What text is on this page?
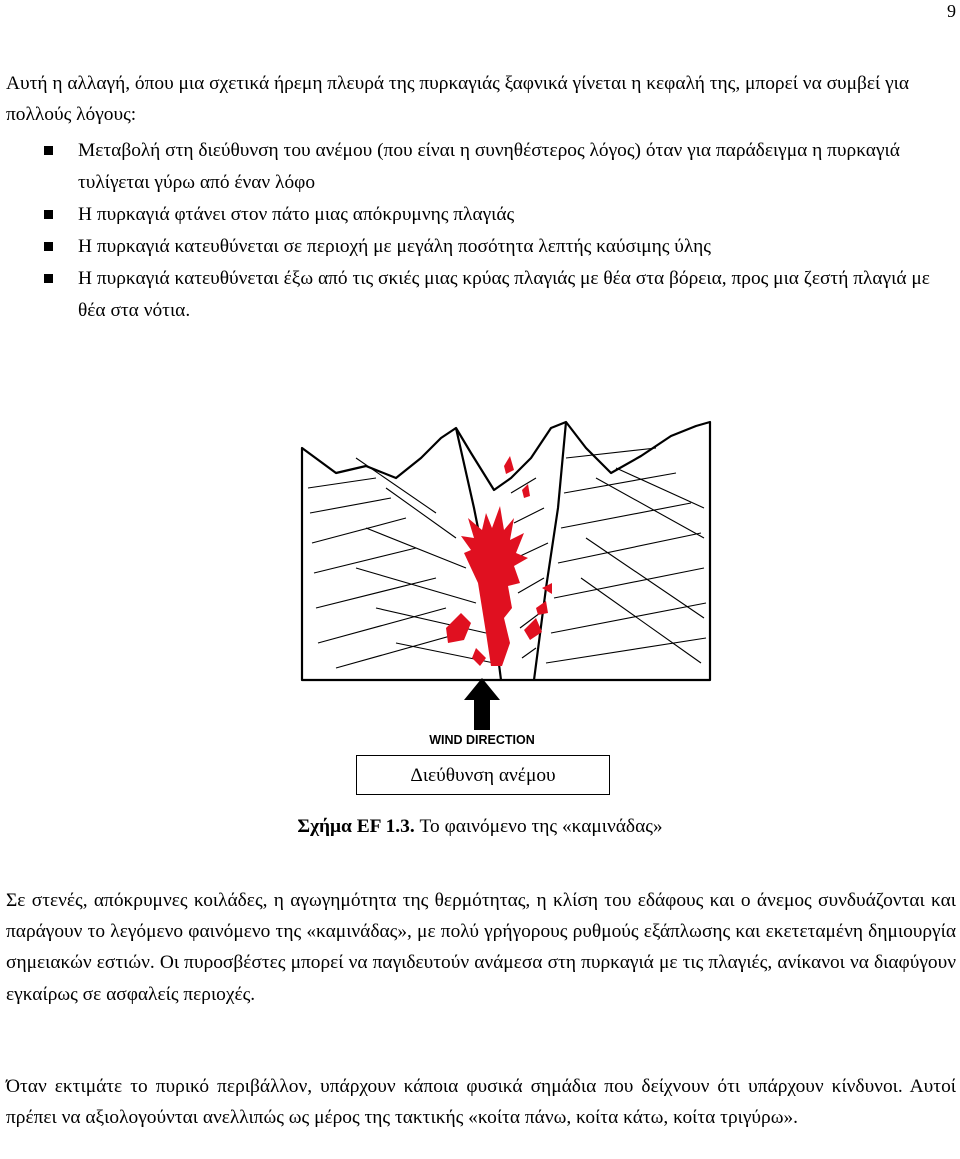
9

Αυτή η αλλαγή, όπου μια σχετικά ήρεμη πλευρά της πυρκαγιάς ξαφνικά γίνεται η κεφαλή της, μπορεί να συμβεί για πολλούς λόγους:

Μεταβολή στη διεύθυνση του ανέμου (που είναι η συνηθέστερος λόγος) όταν για παράδειγμα η πυρκαγιά τυλίγεται γύρω από έναν λόφο
Η πυρκαγιά φτάνει στον πάτο μιας απόκρυμνης πλαγιάς
Η πυρκαγιά κατευθύνεται σε περιοχή με μεγάλη ποσότητα λεπτής καύσιμης ύλης
Η πυρκαγιά κατευθύνεται έξω από τις σκιές μιας κρύας πλαγιάς με θέα στα βόρεια, προς μια ζεστή πλαγιά με θέα στα νότια.
WIND DIRECTION
Διεύθυνση ανέμου
Σχήμα EF 1.3. Το φαινόμενο της «καμινάδας»

Σε στενές, απόκρυμνες κοιλάδες, η αγωγημότητα της θερμότητας, η κλίση του εδάφους και ο άνεμος συνδυάζονται και παράγουν το λεγόμενο φαινόμενο της «καμινάδας», με πολύ γρήγορους ρυθμούς εξάπλωσης και εκετεταμένη δημιουργία σημειακών εστιών. Οι πυροσβέστες μπορεί να παγιδευτούν ανάμεσα στη πυρκαγιά με τις πλαγιές, ανίκανοι να διαφύγουν εγκαίρως σε ασφαλείς περιοχές.

Όταν εκτιμάτε το πυρικό περιβάλλον, υπάρχουν κάποια φυσικά σημάδια που δείχνουν ότι υπάρχουν κίνδυνοι. Αυτοί πρέπει να αξιολογούνται ανελλιπώς ως μέρος της τακτικής «κοίτα πάνω, κοίτα κάτω, κοίτα τριγύρω».
